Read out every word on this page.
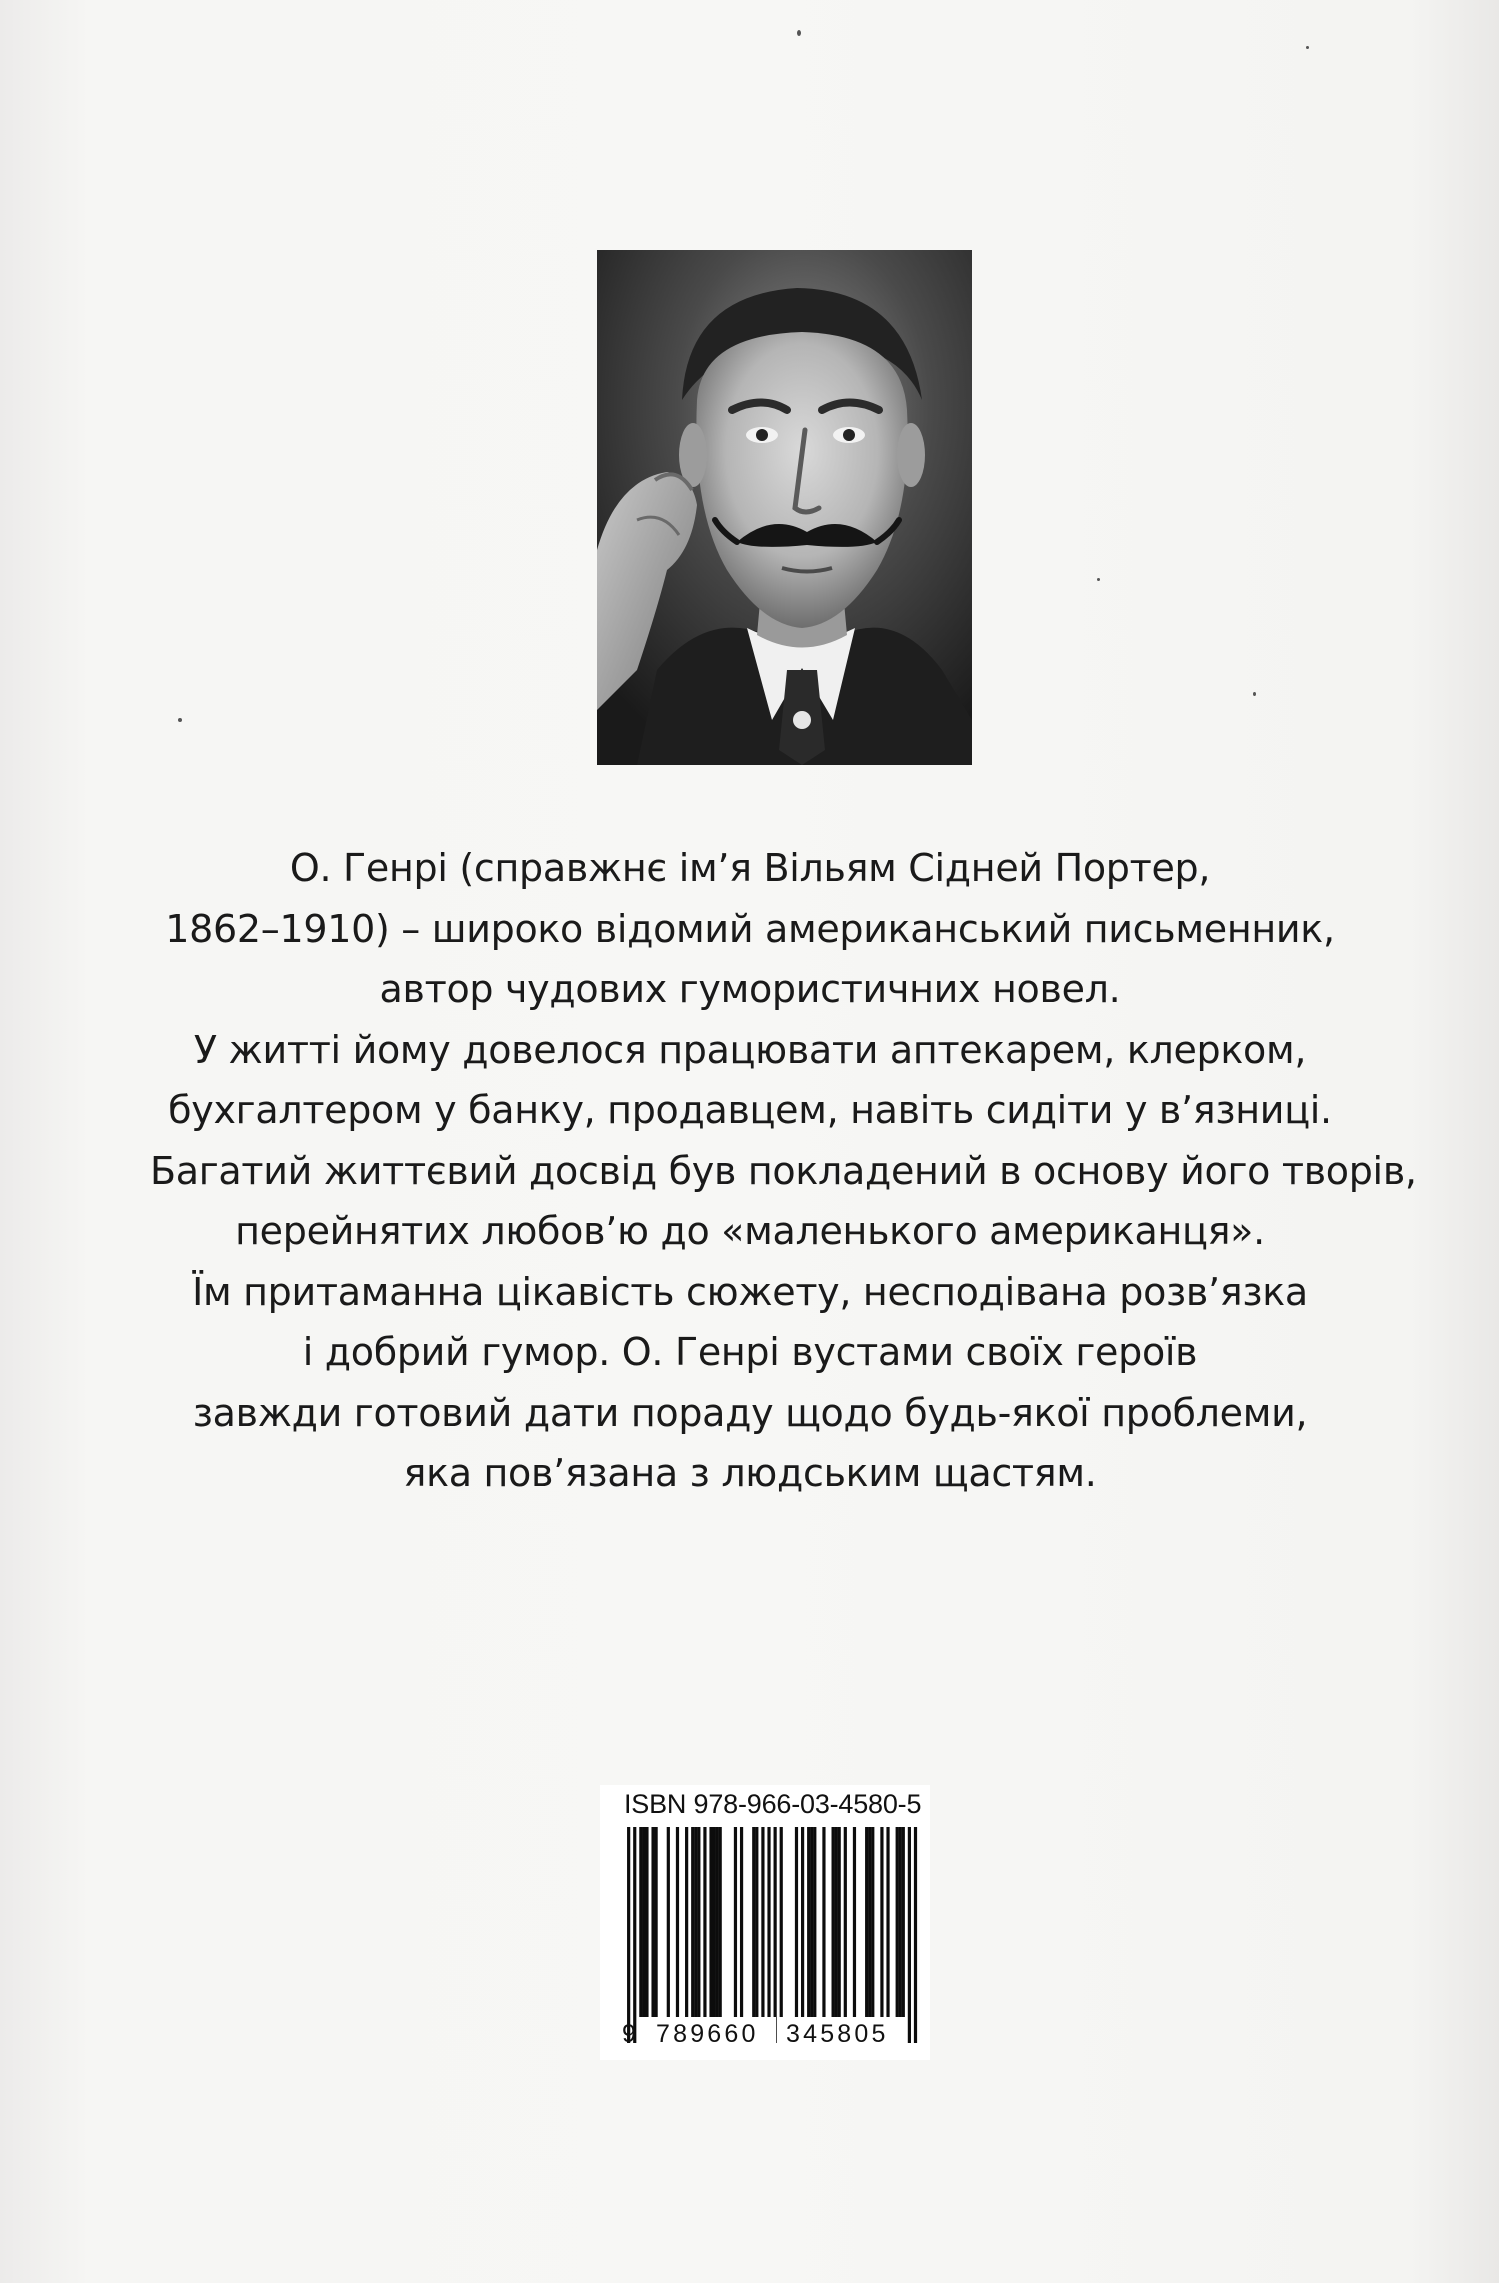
О. Генрі (справжнє ім’я Вільям Сідней Портер,
1862–1910) – широко відомий американський письменник,
автор чудових гумористичних новел.
У житті йому довелося працювати аптекарем, клерком,
бухгалтером у банку, продавцем, навіть сидіти у в’язниці.
Багатий життєвий досвід був покладений в основу його творів,
перейнятих любов’ю до «маленького американця».
Їм притаманна цікавість сюжету, несподівана розв’язка
і добрий гумор. О. Генрі вустами своїх героїв
завжди готовий дати пораду щодо будь-якої проблеми,
яка пов’язана з людським щастям.
ISBN 978-966-03-4580-5
9 789660	345805
